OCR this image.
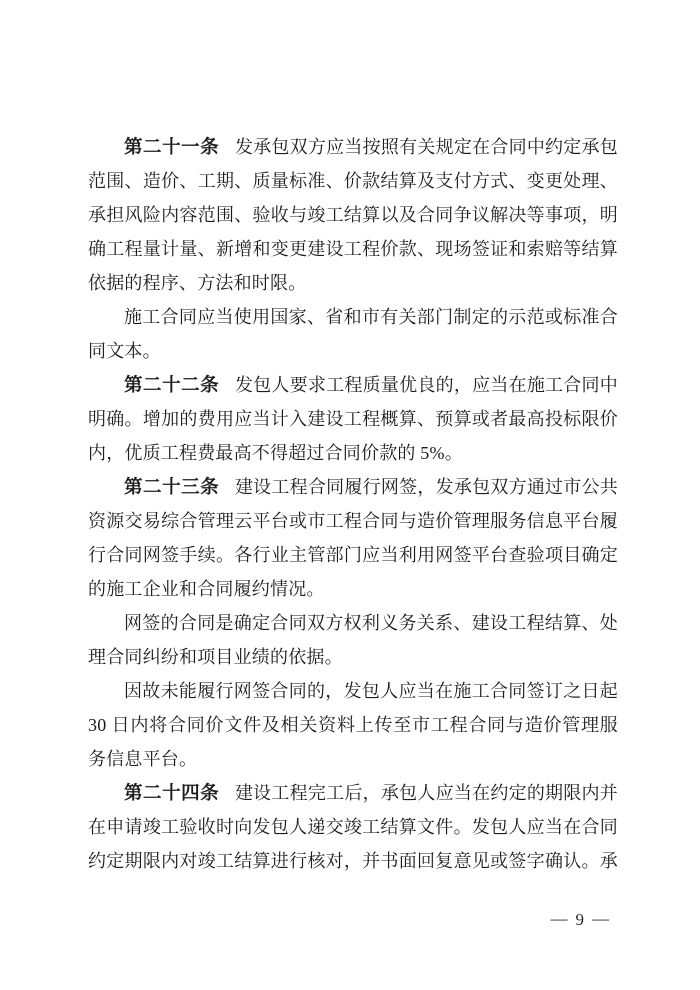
第二十一条 发承包双方应当按照有关规定在合同中约定承包范围、造价、工期、质量标准、价款结算及支付方式、变更处理、承担风险内容范围、验收与竣工结算以及合同争议解决等事项，明确工程量计量、新增和变更建设工程价款、现场签证和索赔等结算依据的程序、方法和时限。

施工合同应当使用国家、省和市有关部门制定的示范或标准合同文本。

第二十二条 发包人要求工程质量优良的，应当在施工合同中明确。增加的费用应当计入建设工程概算、预算或者最高投标限价内，优质工程费最高不得超过合同价款的 5%。

第二十三条 建设工程合同履行网签，发承包双方通过市公共资源交易综合管理云平台或市工程合同与造价管理服务信息平台履行合同网签手续。各行业主管部门应当利用网签平台查验项目确定的施工企业和合同履约情况。

网签的合同是确定合同双方权利义务关系、建设工程结算、处理合同纠纷和项目业绩的依据。

因故未能履行网签合同的，发包人应当在施工合同签订之日起 30 日内将合同价文件及相关资料上传至市工程合同与造价管理服务信息平台。

第二十四条 建设工程完工后，承包人应当在约定的期限内并在申请竣工验收时向发包人递交竣工结算文件。发包人应当在合同约定期限内对竣工结算进行核对，并书面回复意见或签字确认。承

— 9 —
